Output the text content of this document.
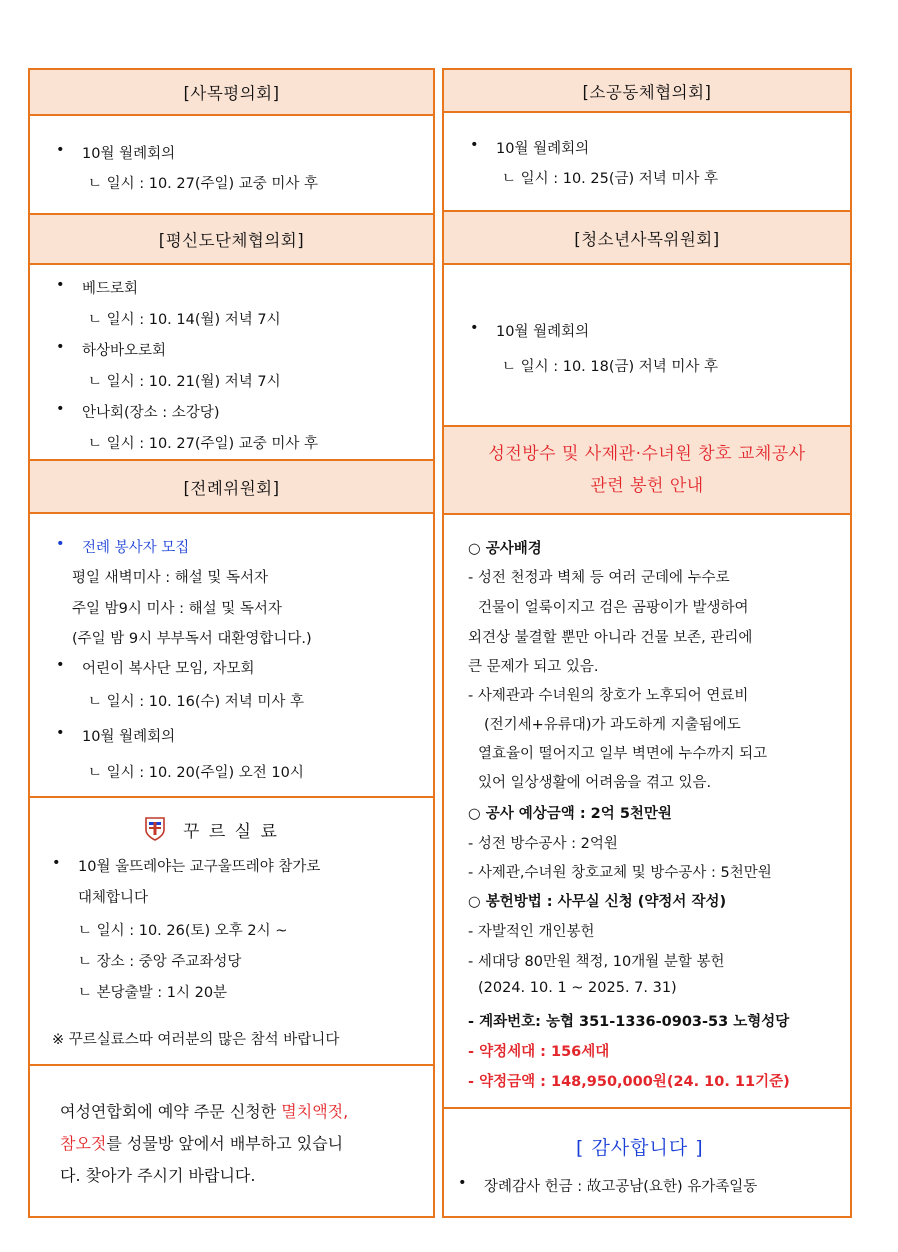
[사목평의회]
• 10월 월례회의
ㄴ 일시 : 10. 27(주일) 교중 미사 후
[평신도단체협의회]
• 베드로회
ㄴ 일시 : 10. 14(월) 저녁 7시
• 하상바오로회
ㄴ 일시 : 10. 21(월) 저녁 7시
• 안나회(장소 : 소강당)
ㄴ 일시 : 10. 27(주일) 교중 미사 후
[전례위원회]
• 전례 봉사자 모집
평일 새벽미사 : 해설 및 독서자
주일 밤9시 미사 : 해설 및 독서자
(주일 밤 9시 부부독서 대환영합니다.)
• 어린이 복사단 모임, 자모회
ㄴ 일시 : 10. 16(수) 저녁 미사 후
• 10월 월례회의
ㄴ 일시 : 10. 20(주일) 오전 10시
꾸 르 실 료
• 10월 울뜨레야는 교구울뜨레야 참가로
대체합니다
ㄴ 일시 : 10. 26(토) 오후 2시 ~
ㄴ 장소 : 중앙 주교좌성당
ㄴ 본당출발 : 1시 20분
※ 꾸르실료스따 여러분의 많은 참석 바랍니다
여성연합회에 예약 주문 신청한 멸치액젓,
참오젓를 성물방 앞에서 배부하고 있습니
다. 찾아가 주시기 바랍니다.
[소공동체협의회]
• 10월 월례회의
ㄴ 일시 : 10. 25(금) 저녁 미사 후
[청소년사목위원회]
• 10월 월례회의
ㄴ 일시 : 10. 18(금) 저녁 미사 후
성전방수 및 사제관·수녀원 창호 교체공사
관련 봉헌 안내
○ 공사배경
- 성전 천정과 벽체 등 여러 군데에 누수로
건물이 얼룩이지고 검은 곰팡이가 발생하여
외견상 불결할 뿐만 아니라 건물 보존, 관리에
큰 문제가 되고 있음.
- 사제관과 수녀원의 창호가 노후되어 연료비
(전기세+유류대)가 과도하게 지출됨에도
열효율이 떨어지고 일부 벽면에 누수까지 되고
있어 일상생활에 어려움을 겪고 있음.
○ 공사 예상금액 : 2억 5천만원
- 성전 방수공사 : 2억원
- 사제관,수녀원 창호교체 및 방수공사 : 5천만원
○ 봉헌방법 : 사무실 신청 (약정서 작성)
- 자발적인 개인봉헌
- 세대당 80만원 책정, 10개월 분할 봉헌
(2024. 10. 1 ~ 2025. 7. 31)
- 계좌번호: 농협 351-1336-0903-53 노형성당
- 약정세대 : 156세대
- 약정금액 : 148,950,000원(24. 10. 11기준)
[ 감사합니다 ]
• 장례감사 헌금 : 故고공남(요한) 유가족일동
